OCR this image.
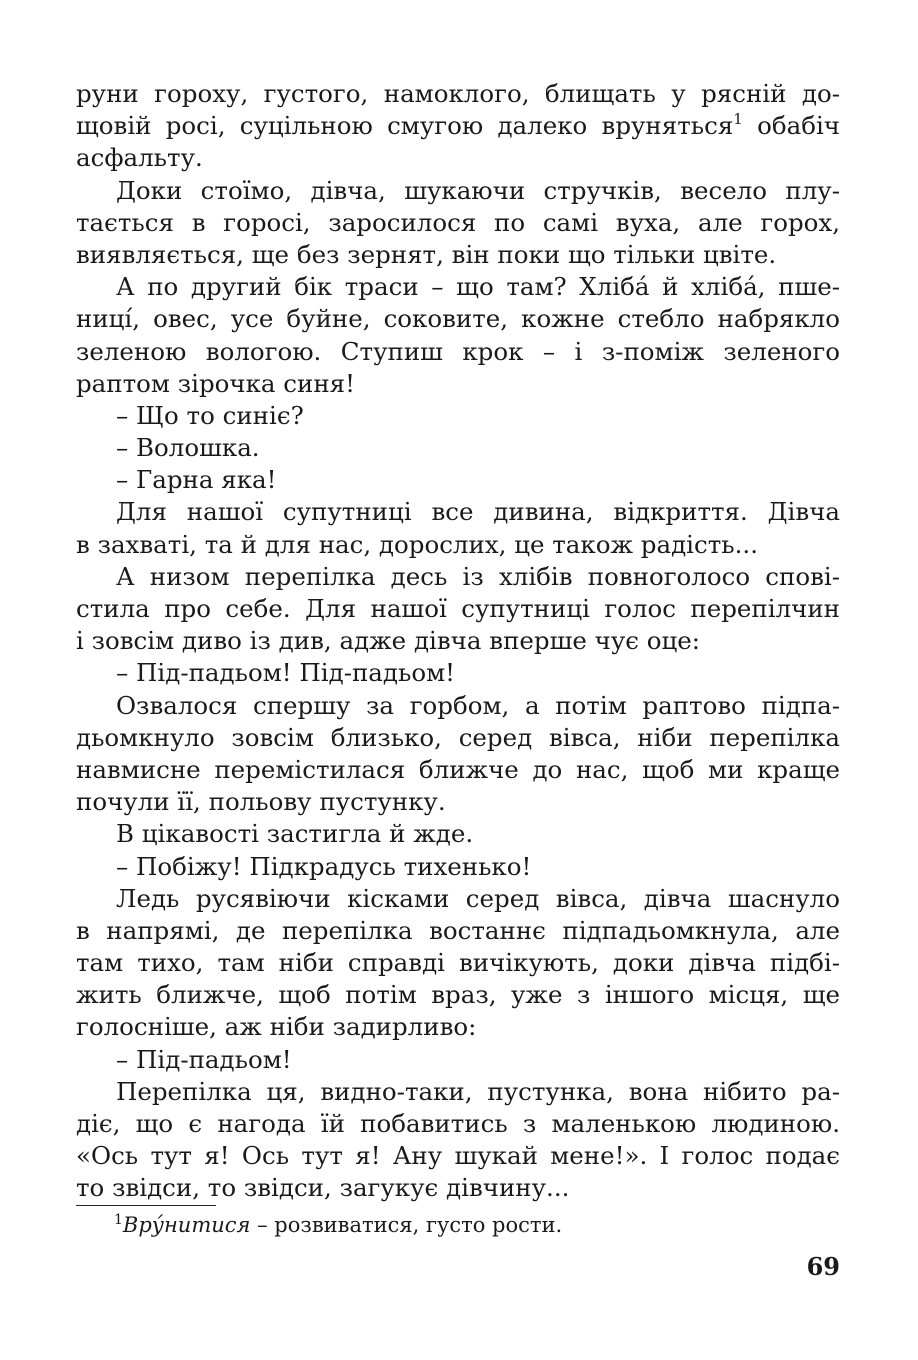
руни гороху, густого, намоклого, блищать у рясній до-
щовій росі, суцільною смугою далеко вруняться$^1$ обабіч
асфальту.
Доки стоїмо, дівча, шукаючи стручків, весело плу-
тається в горосі, заросилося по самі вуха, але горох,
виявляється, ще без зернят, він поки що тільки цвіте.
А по другий бік траси – що там? Хлібá й хлібá, пше-
ниці́, овес, усе буйне, соковите, кожне стебло набрякло
зеленою вологою. Ступиш крок – і з-поміж зеленого
раптом зірочка синя!
– Що то синіє?
– Волошка.
– Гарна яка!
Для нашої супутниці все дивина, відкриття. Дівча
в захваті, та й для нас, дорослих, це також радість...
А низом перепілка десь із хлібів повноголосо спові-
стила про себе. Для нашої супутниці голос перепілчин
і зовсім диво із див, адже дівча вперше чує оце:
– Під-падьом! Під-падьом!
Озвалося спершу за горбом, а потім раптово підпа-
дьомкнуло зовсім близько, серед вівса, ніби перепілка
навмисне перемістилася ближче до нас, щоб ми краще
почули її, польову пустунку.
В цікавості застигла й жде.
– Побіжу! Підкрадусь тихенько!
Ледь русявіючи кісками серед вівса, дівча шаснуло
в напрямі, де перепілка востаннє підпадьомкнула, але
там тихо, там ніби справді вичікують, доки дівча підбі-
жить ближче, щоб потім враз, уже з іншого місця, ще
голосніше, аж ніби задирливо:
– Під-падьом!
Перепілка ця, видно-таки, пустунка, вона нібито ра-
діє, що є нагода їй побавитись з маленькою людиною.
«Ось тут я! Ось тут я! Ану шукай мене!». І голос подає
то звідси, то звідси, загукує дівчину...
$^1$Вру́нитися – розвиватися, густо рости.
69
